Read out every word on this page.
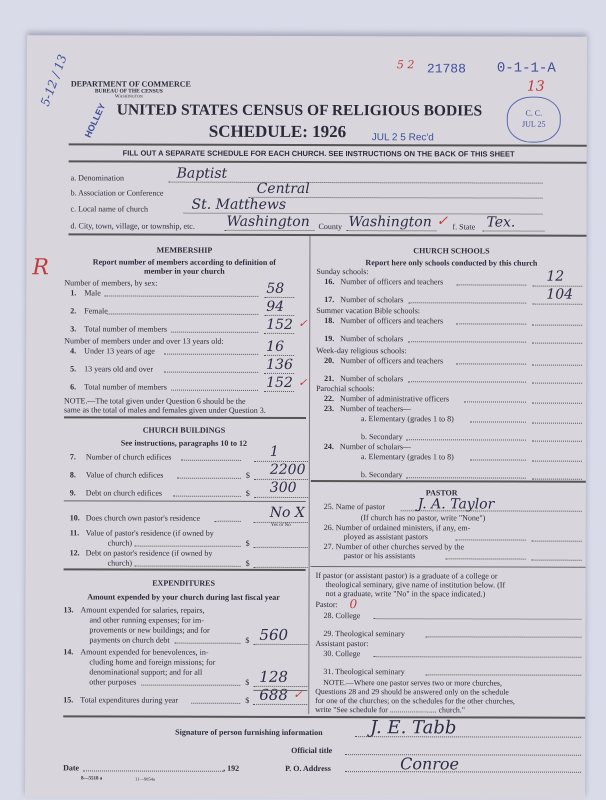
5-12 / 13	5 2 21788 0-1-1-A
13
HOLLEY	JUL 2 5 Rec'd
C. C.
JUL 25
R
DEPARTMENT OF COMMERCE
BUREAU OF THE CENSUS
Washington
UNITED STATES CENSUS OF RELIGIOUS BODIES
SCHEDULE: 1926
FILL OUT A SEPARATE SCHEDULE FOR EACH CHURCH. SEE INSTRUCTIONS ON THE BACK OF THIS SHEET
a. Denomination	Baptist
b. Association or Conference	Central
c. Local name of church	St. Matthews
d. City, town, village, or township, etc. Washington County Washington ✓ f. State Tex.
MEMBERSHIP
Report number of members according to definition of
member in your church
Number of members, by sex:
Number of members under and over 13 years old:
1. Male	58
2. Female	94
3. Total number of members	152
4. Under 13 years of age	16
5. 13 years old and over	136
6. Total number of members	152
✓
✓
NOTE.—The total given under Question 6 should be the
same as the total of males and females given under Question 3.
CHURCH BUILDINGS
See instructions, paragraphs 10 to 12
7. Number of church edifices	1
8. Value of church edifices	$ 2200
9. Debt on church edifices	$ 300
10. Does church own pastor's residence	No X
11. Value of pastor's residence (if owned by
church)	$
12. Debt on pastor's residence (if owned by
church)	$
Yes or No
EXPENDITURES
Amount expended by your church during last fiscal year
13. Amount expended for salaries, repairs,
and other running expenses; for im-
provements or new buildings; and for
payments on church debt	$ 560
14. Amount expended for benevolences, in-
cluding home and foreign missions; for
denominational support; and for all
other purposes	$ 128
15. Total expenditures during year	$ 688 ✓
CHURCH SCHOOLS
Report here only schools conducted by this church
Sunday schools:
16. Number of officers and teachers	12
17. Number of scholars	104
Summer vacation Bible schools:
18. Number of officers and teachers
19. Number of scholars
Week-day religious schools:
20. Number of officers and teachers
21. Number of scholars
Parochial schools:
22. Number of administrative officers
23. Number of teachers—
a. Elementary (grades 1 to 8)
b. Secondary
24. Number of scholars—
a. Elementary (grades 1 to 8)
b. Secondary
PASTOR
25. Name of pastor J. A. Taylor
(If church has no pastor, write "None")
26. Number of ordained ministers, if any, em-
ployed as assistant pastors
27. Number of other churches served by the
pastor or his assistants
If pastor (or assistant pastor) is a graduate of a college or
theological seminary, give name of institution below. (If
not a graduate, write "No" in the space indicated.)
Pastor: 0
28. College
29. Theological seminary
30. College
31. Theological seminary
Assistant pastor:
NOTE.—Where one pastor serves two or more churches,
Questions 28 and 29 should be answered only on the schedule
for one of the churches; on the schedules for the other churches,
write "See schedule for ........................ church."
Signature of person furnishing information	J. E. Tabb
Official title
Date	, 192	P. O. Address	Conroe
8—5518 a	11—9054a
